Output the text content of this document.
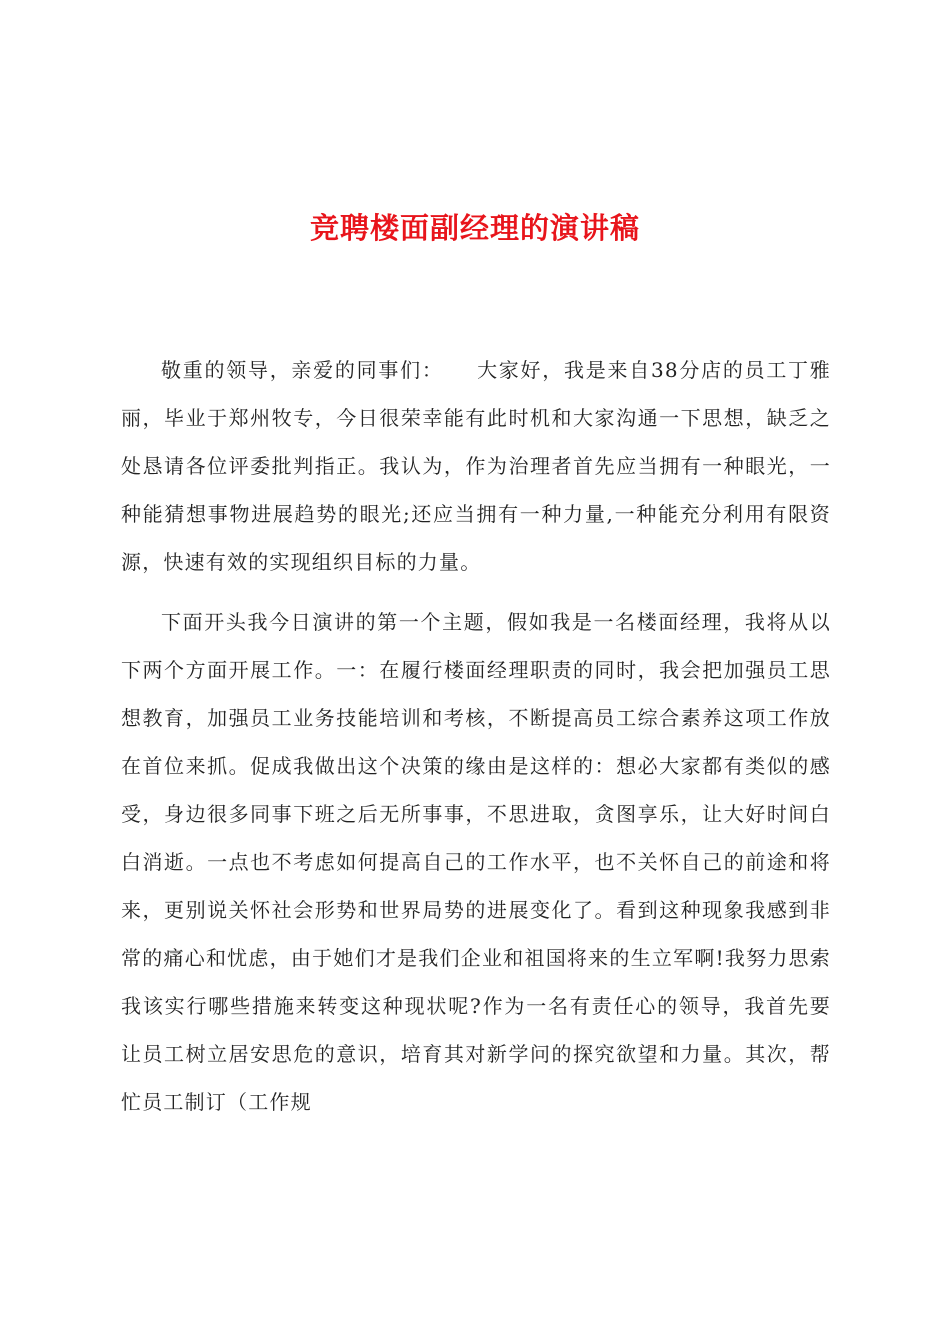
竞聘楼面副经理的演讲稿

敬重的领导，亲爱的同事们：　　大家好，我是来自38分店的员工丁雅丽，毕业于郑州牧专，今日很荣幸能有此时机和大家沟通一下思想，缺乏之处恳请各位评委批判指正。我认为，作为治理者首先应当拥有一种眼光，一种能猜想事物进展趋势的眼光;还应当拥有一种力量,一种能充分利用有限资源，快速有效的实现组织目标的力量。

下面开头我今日演讲的第一个主题，假如我是一名楼面经理，我将从以下两个方面开展工作。一：在履行楼面经理职责的同时，我会把加强员工思想教育，加强员工业务技能培训和考核，不断提高员工综合素养这项工作放在首位来抓。促成我做出这个决策的缘由是这样的：想必大家都有类似的感受，身边很多同事下班之后无所事事，不思进取，贪图享乐，让大好时间白白消逝。一点也不考虑如何提高自己的工作水平，也不关怀自己的前途和将来，更别说关怀社会形势和世界局势的进展变化了。看到这种现象我感到非常的痛心和忧虑，由于她们才是我们企业和祖国将来的生立军啊!我努力思索我该实行哪些措施来转变这种现状呢?作为一名有责任心的领导，我首先要让员工树立居安思危的意识，培育其对新学问的探究欲望和力量。其次，帮忙员工制订（工作规
